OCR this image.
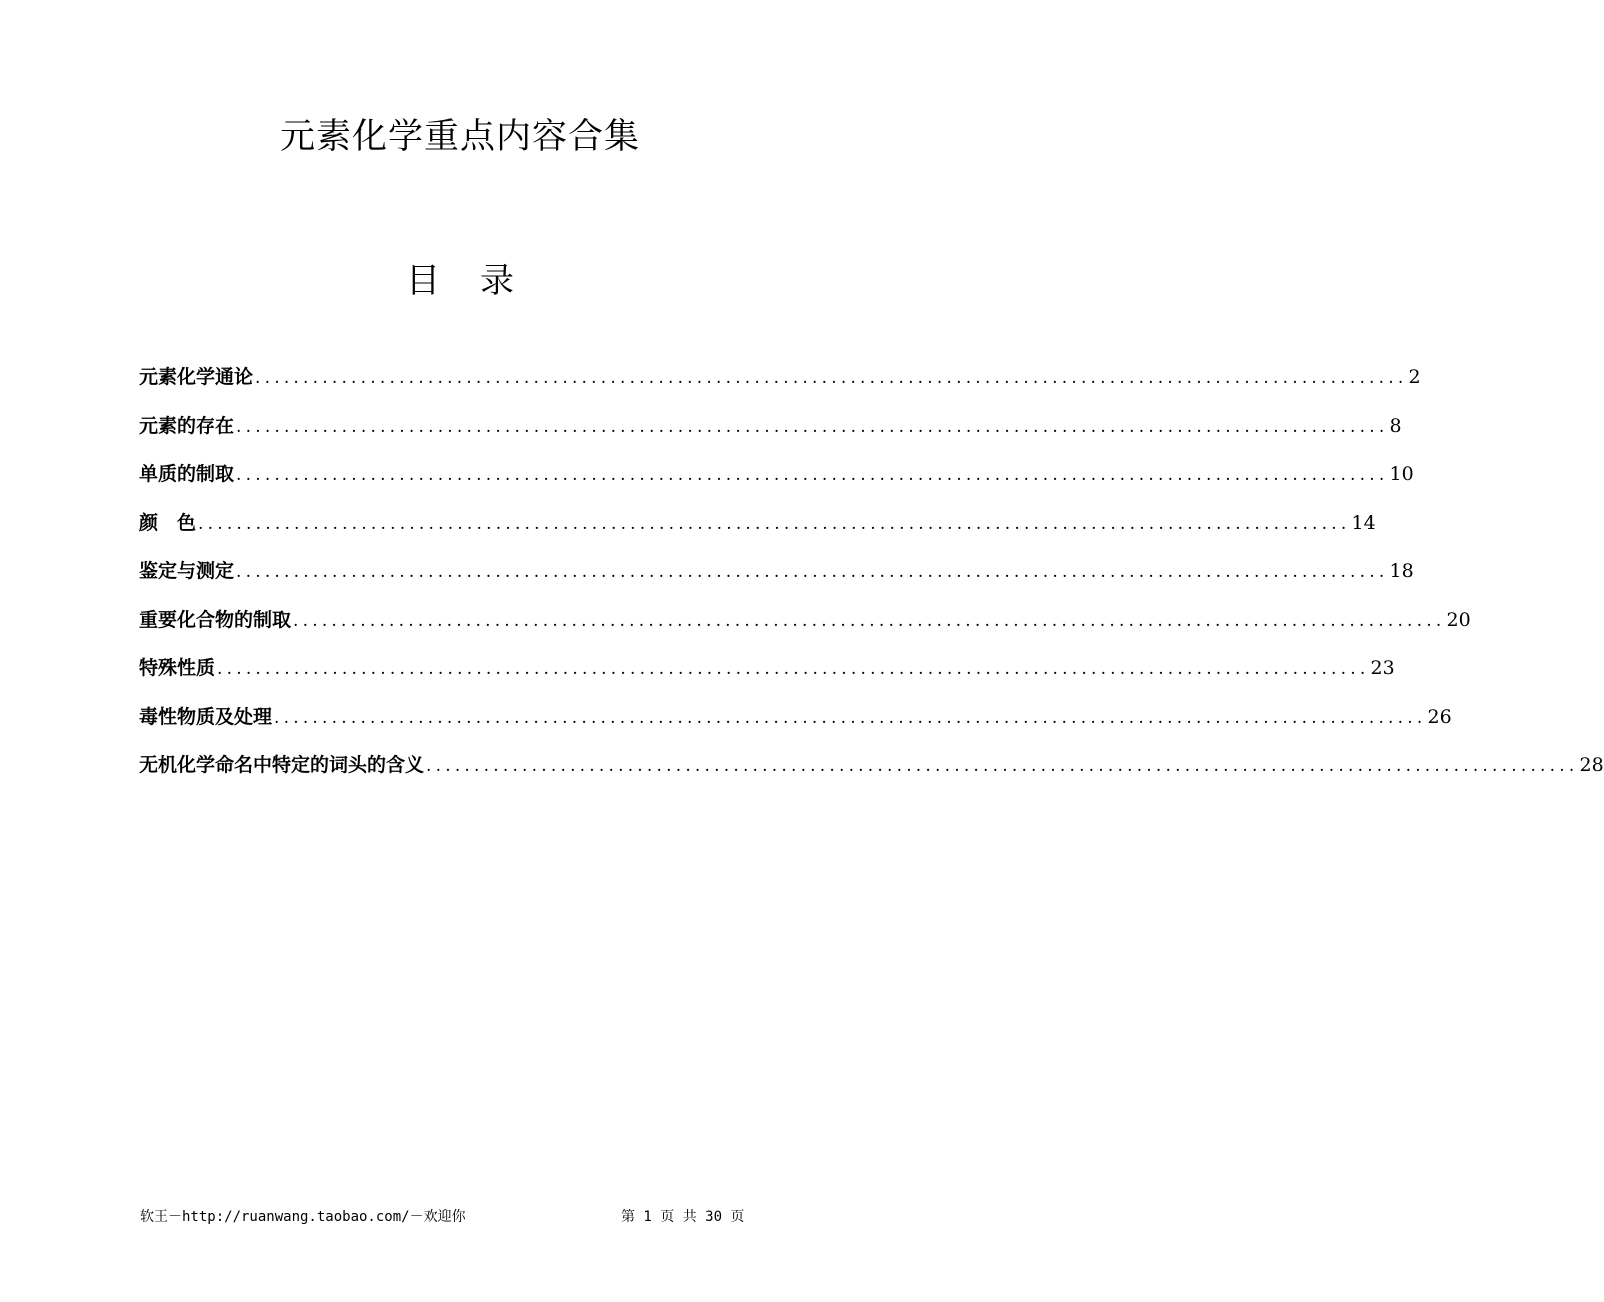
元素化学重点内容合集
目 录
元素化学通论 ........................................................................................................................ 2
元素的存在 ........................................................................................................................ 8
单质的制取 ........................................................................................................................ 10
颜　色 ........................................................................................................................ 14
鉴定与测定 ........................................................................................................................ 18
重要化合物的制取 ........................................................................................................................ 20
特殊性质 ........................................................................................................................ 23
毒性物质及处理 ........................................................................................................................ 26
无机化学命名中特定的词头的含义 ........................................................................................................................ 28
软王－http://ruanwang.taobao.com/－欢迎你	第 1 页 共 30 页
